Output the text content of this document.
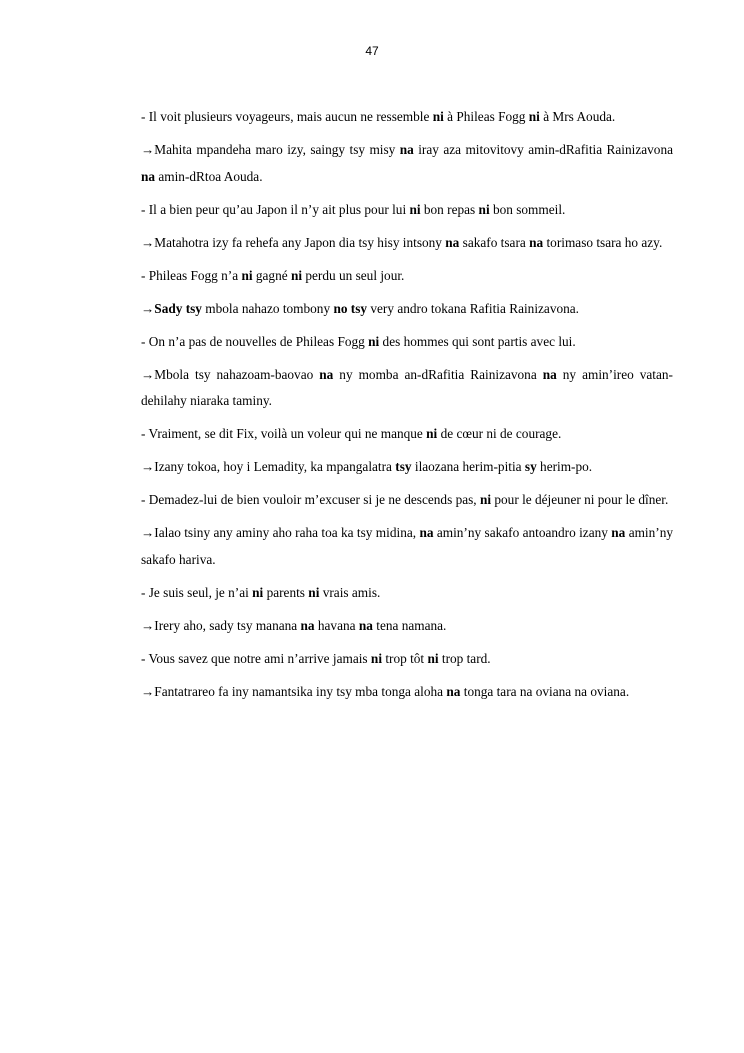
47

- Il voit plusieurs voyageurs, mais aucun ne ressemble ni à Phileas Fogg ni à Mrs Aouda.

→Mahita mpandeha maro izy, saingy tsy misy na iray aza mitovitovy amin-dRafitia Rainizavona na amin-dRtoa Aouda.

- Il a bien peur qu’au Japon il n’y ait plus pour lui ni bon repas ni bon sommeil.

→Matahotra izy fa rehefa any Japon dia tsy hisy intsony na sakafo tsara na torimaso tsara ho azy.

- Phileas Fogg n’a ni gagné ni perdu un seul jour.

→Sady tsy mbola nahazo tombony no tsy very andro tokana Rafitia Rainizavona.

- On n’a pas de nouvelles de Phileas Fogg ni des hommes qui sont partis avec lui.

→Mbola tsy nahazoam-baovao na ny momba an-dRafitia Rainizavona na ny amin’ireo vatan-dehilahy niaraka taminy.

- Vraiment, se dit Fix, voilà un voleur qui ne manque ni de cœur ni de courage.

→Izany tokoa, hoy i Lemadity, ka mpangalatra tsy ilaozana herim-pitia sy herim-po.

- Demadez-lui de bien vouloir m’excuser si je ne descends pas, ni pour le déjeuner ni pour le dîner.

→Ialao tsiny any aminy aho raha toa ka tsy midina, na amin’ny sakafo antoandro izany na amin’ny sakafo hariva.

- Je suis seul, je n’ai ni parents ni vrais amis.

→Irery aho, sady tsy manana na havana na tena namana.

- Vous savez que notre ami n’arrive jamais ni trop tôt ni trop tard.

→Fantatrareo fa iny namantsika iny tsy mba tonga aloha na tonga tara na oviana na oviana.
